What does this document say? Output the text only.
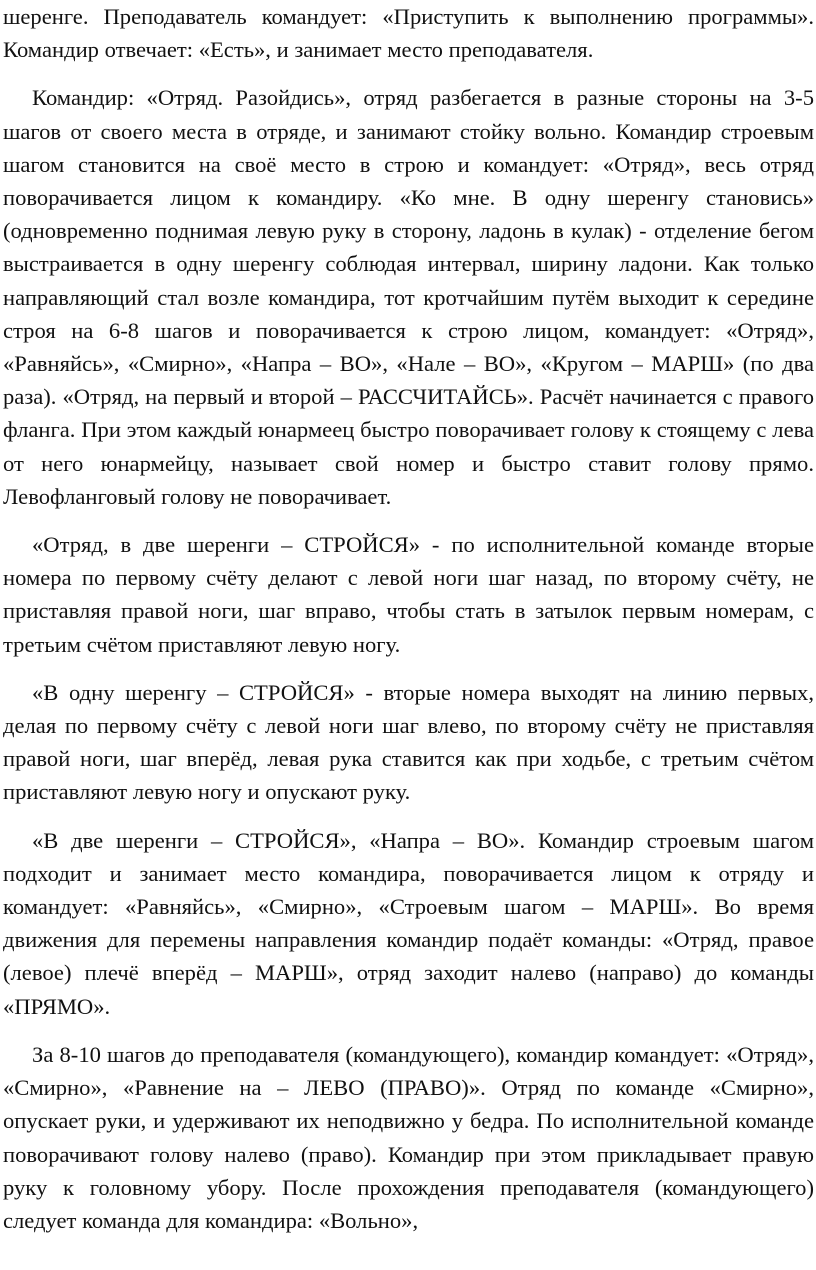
шеренге. Преподаватель командует: «Приступить к выполнению программы». Командир отвечает: «Есть», и занимает место преподавателя.

Командир: «Отряд. Разойдись», отряд разбегается в разные стороны на 3-5 шагов от своего места в отряде, и занимают стойку вольно. Командир строевым шагом становится на своё место в строю и командует: «Отряд», весь отряд поворачивается лицом к командиру. «Ко мне. В одну шеренгу становись» (одновременно поднимая левую руку в сторону, ладонь в кулак) - отделение бегом выстраивается в одну шеренгу соблюдая интервал, ширину ладони. Как только направляющий стал возле командира, тот кротчайшим путём выходит к середине строя на 6-8 шагов и поворачивается к строю лицом, командует: «Отряд», «Равняйсь», «Смирно», «Напра – ВО», «Нале – ВО», «Кругом – МАРШ» (по два раза). «Отряд, на первый и второй – РАССЧИТАЙСЬ». Расчёт начинается с правого фланга. При этом каждый юнармеец быстро поворачивает голову к стоящему с лева от него юнармейцу, называет свой номер и быстро ставит голову прямо. Левофланговый голову не поворачивает.

«Отряд, в две шеренги – СТРОЙСЯ» - по исполнительной команде вторые номера по первому счёту делают с левой ноги шаг назад, по второму счёту, не приставляя правой ноги, шаг вправо, чтобы стать в затылок первым номерам, с третьим счётом приставляют левую ногу.

«В одну шеренгу – СТРОЙСЯ» - вторые номера выходят на линию первых, делая по первому счёту с левой ноги шаг влево, по второму счёту не приставляя правой ноги, шаг вперёд, левая рука ставится как при ходьбе, с третьим счётом приставляют левую ногу и опускают руку.

«В две шеренги – СТРОЙСЯ», «Напра – ВО». Командир строевым шагом подходит и занимает место командира, поворачивается лицом к отряду и командует: «Равняйсь», «Смирно», «Строевым шагом – МАРШ». Во время движения для перемены направления командир подаёт команды: «Отряд, правое (левое) плечё вперёд – МАРШ», отряд заходит налево (направо) до команды «ПРЯМО».

За 8-10 шагов до преподавателя (командующего), командир командует: «Отряд», «Смирно», «Равнение на – ЛЕВО (ПРАВО)». Отряд по команде «Смирно», опускает руки, и удерживают их неподвижно у бедра. По исполнительной команде поворачивают голову налево (право). Командир при этом прикладывает правую руку к головному убору. После прохождения преподавателя (командующего) следует команда для командира: «Вольно»,
